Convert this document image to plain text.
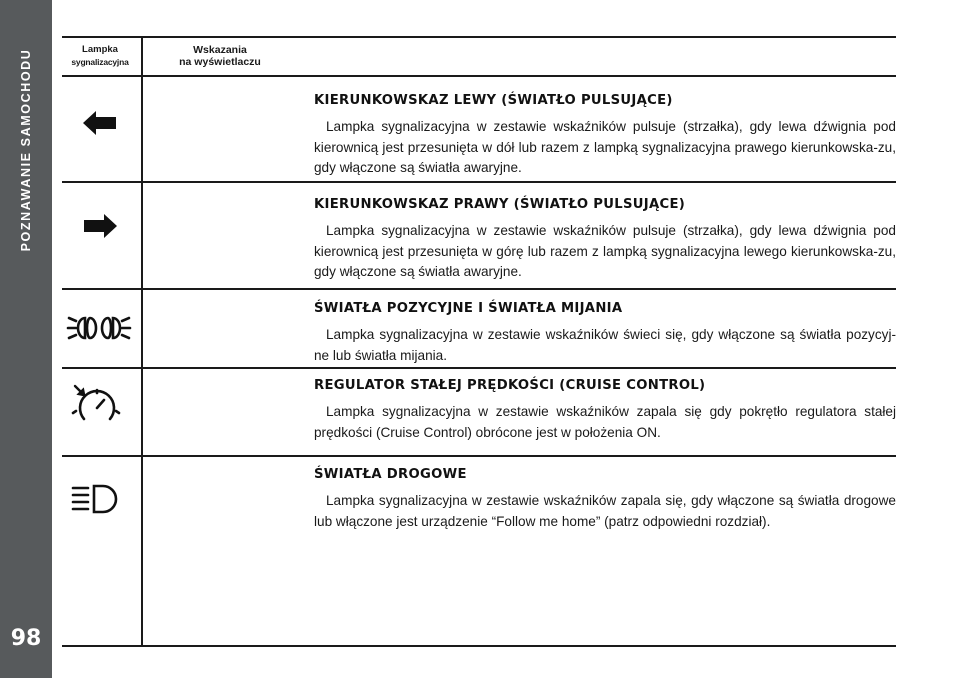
POZNAWANIE SAMOCHODU
98
Lampka
sygnalizacyjna
Wskazania
na wyświetlaczu
KIERUNKOWSKAZ LEWY (ŚWIATŁO PULSUJĄCE)

Lampka sygnalizacyjna w zestawie wskaźników pulsuje (strzałka), gdy lewa dźwignia pod kierownicą jest przesunięta w dół lub razem z lampką sygnalizacyjna prawego kierunkowska-zu, gdy włączone są światła awaryjne.

KIERUNKOWSKAZ PRAWY (ŚWIATŁO PULSUJĄCE)

Lampka sygnalizacyjna w zestawie wskaźników pulsuje (strzałka), gdy lewa dźwignia pod kierownicą jest przesunięta w górę lub razem z lampką sygnalizacyjna lewego kierunkowska-zu, gdy włączone są światła awaryjne.

ŚWIATŁA POZYCYJNE I ŚWIATŁA MIJANIA

Lampka sygnalizacyjna w zestawie wskaźników świeci się, gdy włączone są światła pozycyj-ne lub światła mijania.

REGULATOR STAŁEJ PRĘDKOŚCI (CRUISE CONTROL)

Lampka sygnalizacyjna w zestawie wskaźników zapala się gdy pokrętło regulatora stałej prędkości (Cruise Control) obrócone jest w położenia ON.

ŚWIATŁA DROGOWE

Lampka sygnalizacyjna w zestawie wskaźników zapala się, gdy włączone są światła drogowe lub włączone jest urządzenie “Follow me home” (patrz odpowiedni rozdział).
